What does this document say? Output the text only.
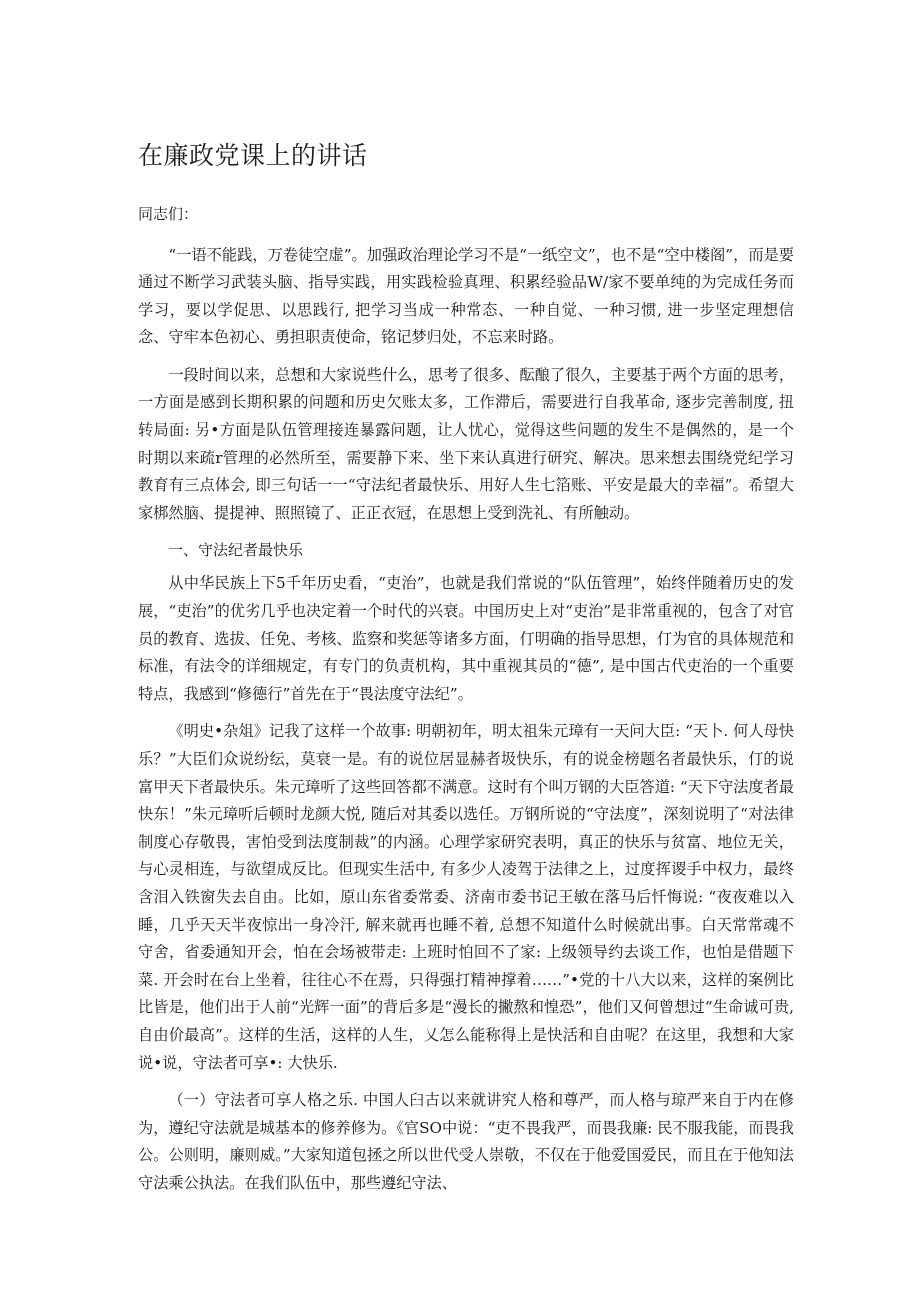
在廉政党课上的讲话

同志们：

“一语不能践，万卷徒空虚”。加强政治理论学习不是“一纸空文”，也不是“空中楼阁”，而是要通过不断学习武装头脑、指导实践，用实践检验真理、积累经验品W/家不要单纯的为完成任务而学习，要以学促思、以思践行, 把学习当成一种常态、一种自觉、一种习惯, 进一步坚定理想信念、守牢本色初心、勇担职责使命，铭记梦归处，不忘来时路。

一段时间以来，总想和大家说些什么，思考了很多、酝酿了很久，主要基于两个方面的思考，一方面是感到长期积累的问题和历史欠账太多，工作滞后，需要进行自我革命, 逐步完善制度, 扭转局面: 另•方面是队伍管理接连暴露问题，让人忧心，觉得这些问题的发生不是偶然的，是一个时期以来疏r管理的必然所至，需要静下来、坐下来认真进行研究、解决。思来想去围绕党纪学习教育有三点体会, 即三句话一一“守法纪者最快乐、用好人生七箔账、平安是最大的幸福”。希望大家梆然脑、提提神、照照镜了、正正衣冠，在思想上受到洗礼、有所触动。

一、守法纪者最快乐

从中华民族上下5千年历史看，“吏治”，也就是我们常说的“队伍管理”，始终伴随着历史的发展，“吏治”的优劣几乎也决定着一个时代的兴衰。中国历史上对“吏治”是非常重视的，包含了对官员的教育、选拔、任免、考核、监察和奖惩等诸多方面，仃明确的指导思想，仃为官的具体规范和标准，有法令的详细规定，有专门的负责机构，其中重视其员的“德”, 是中国古代吏治的一个重要特点，我感到“修德行”首先在于“畏法度守法纪”。

《明史•杂俎》记我了这样一个故事: 明朝初年，明太祖朱元璋有一天问大臣: “天卜. 何人母快乐？”大臣们众说纷纭，莫衰一是。有的说位居显赫者圾快乐，有的说金榜题名者最快乐，仃的说富甲天下者最快乐。朱元璋听了这些回答都不满意。这时有个叫万钢的大臣答道: “天下守法度者最快东！”朱元璋听后顿时龙颜大悦, 随后对其委以选任。万钢所说的“守法度”，深刻说明了“对法律制度心存敬畏，害怕受到法度制裁”的内涵。心理学家研究表明，真正的快乐与贫富、地位无关，与心灵相连，与欲望成反比。但现实生活中, 有多少人凌驾于法律之上，过度挥谡手中权力，最终含泪入铁窗失去自由。比如，原山东省委常委、济南市委书记王敏在落马后忏悔说: “夜夜难以入睡，几乎天天半夜惊出一身冷汗, 解来就再也睡不着, 总想不知道什么时候就出事。白天常常魂不守舍，省委通知开会，怕在会场被带走: 上班时怕回不了家: 上级领导约去谈工作，也怕是借题下菜. 开会时在台上坐着，往往心不在焉，只得强打精神撑着……”•党的十八大以来，这样的案例比比皆是，他们出于人前“光辉一面”的背后多是“漫长的撇熬和惶恐”，他们又何曾想过“生命诚可贵, 自由价最高”。这样的生活，这样的人生，乂怎么能称得上是快活和自由呢？在这里，我想和大家说•说，守法者可享•: 大快乐.

（一）守法者可享人格之乐. 中国人臼古以来就讲究人格和尊严，而人格与琼严来自于内在修为，遵纪守法就是城基本的修养修为。《官SO中说：“吏不畏我严，而畏我廉: 民不服我能，而畏我公。公则明，廉则威。”大家知道包拯之所以世代受人崇敬，不仅在于他爱国爱民，而且在于他知法守法乘公执法。在我们队伍中，那些遵纪守法、
